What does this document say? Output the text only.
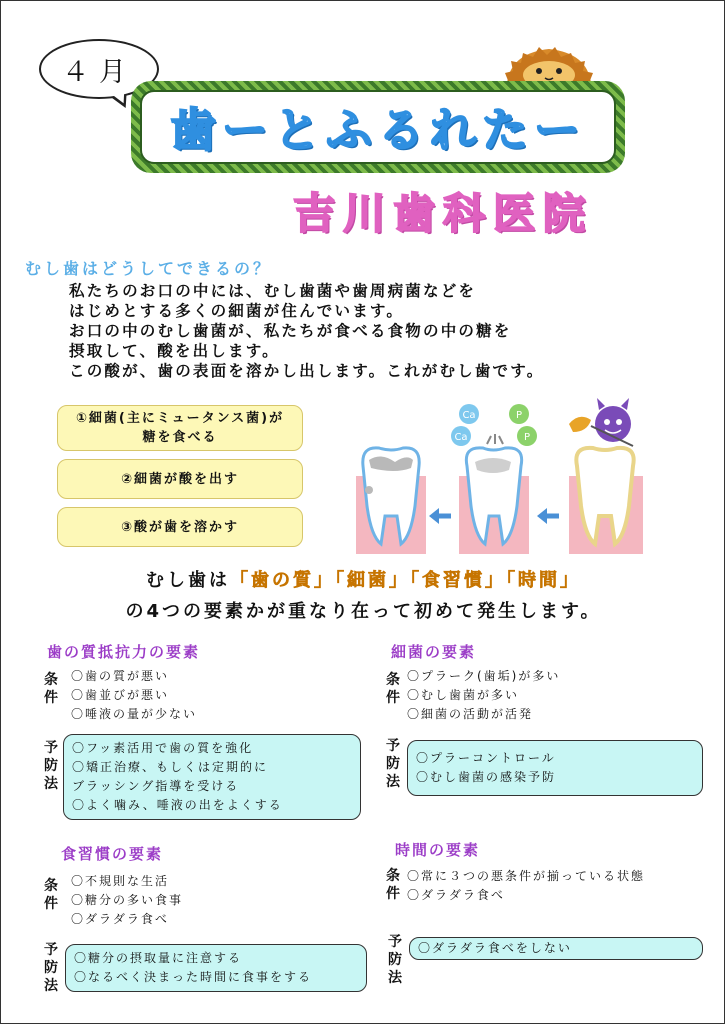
４月
歯ーとふるれたー
吉川歯科医院
むし歯はどうしてできるの？
私たちのお口の中には、むし歯菌や歯周病菌などを
はじめとする多くの細菌が住んでいます。
お口の中のむし歯菌が、私たちが食べる食物の中の糖を
摂取して、酸を出します。
この酸が、歯の表面を溶かし出します。これがむし歯です。
①細菌(主にミュータンス菌)が
糖を食べる
②細菌が酸を出す
③酸が歯を溶かす
Ca
Ca
P
P
むし歯は「歯の質」「細菌」「食習慣」「時間」
の4つの要素かが重なり在って初めて発生します。
歯の質抵抗力の要素
条件
〇歯の質が悪い
〇歯並びが悪い
〇唾液の量が少ない
予防法
〇フッ素活用で歯の質を強化
〇矯正治療、もしくは定期的に
ブラッシング指導を受ける
〇よく噛み、唾液の出をよくする
細菌の要素
条件
〇プラーク(歯垢)が多い
〇むし歯菌が多い
〇細菌の活動が活発
予防法
〇プラーコントロール
〇むし歯菌の感染予防
食習慣の要素
条件
〇不規則な生活
〇糖分の多い食事
〇ダラダラ食べ
予防法
〇糖分の摂取量に注意する
〇なるべく決まった時間に食事をする
時間の要素
条件
〇常に３つの悪条件が揃っている状態
〇ダラダラ食べ
予防法
〇ダラダラ食べをしない
